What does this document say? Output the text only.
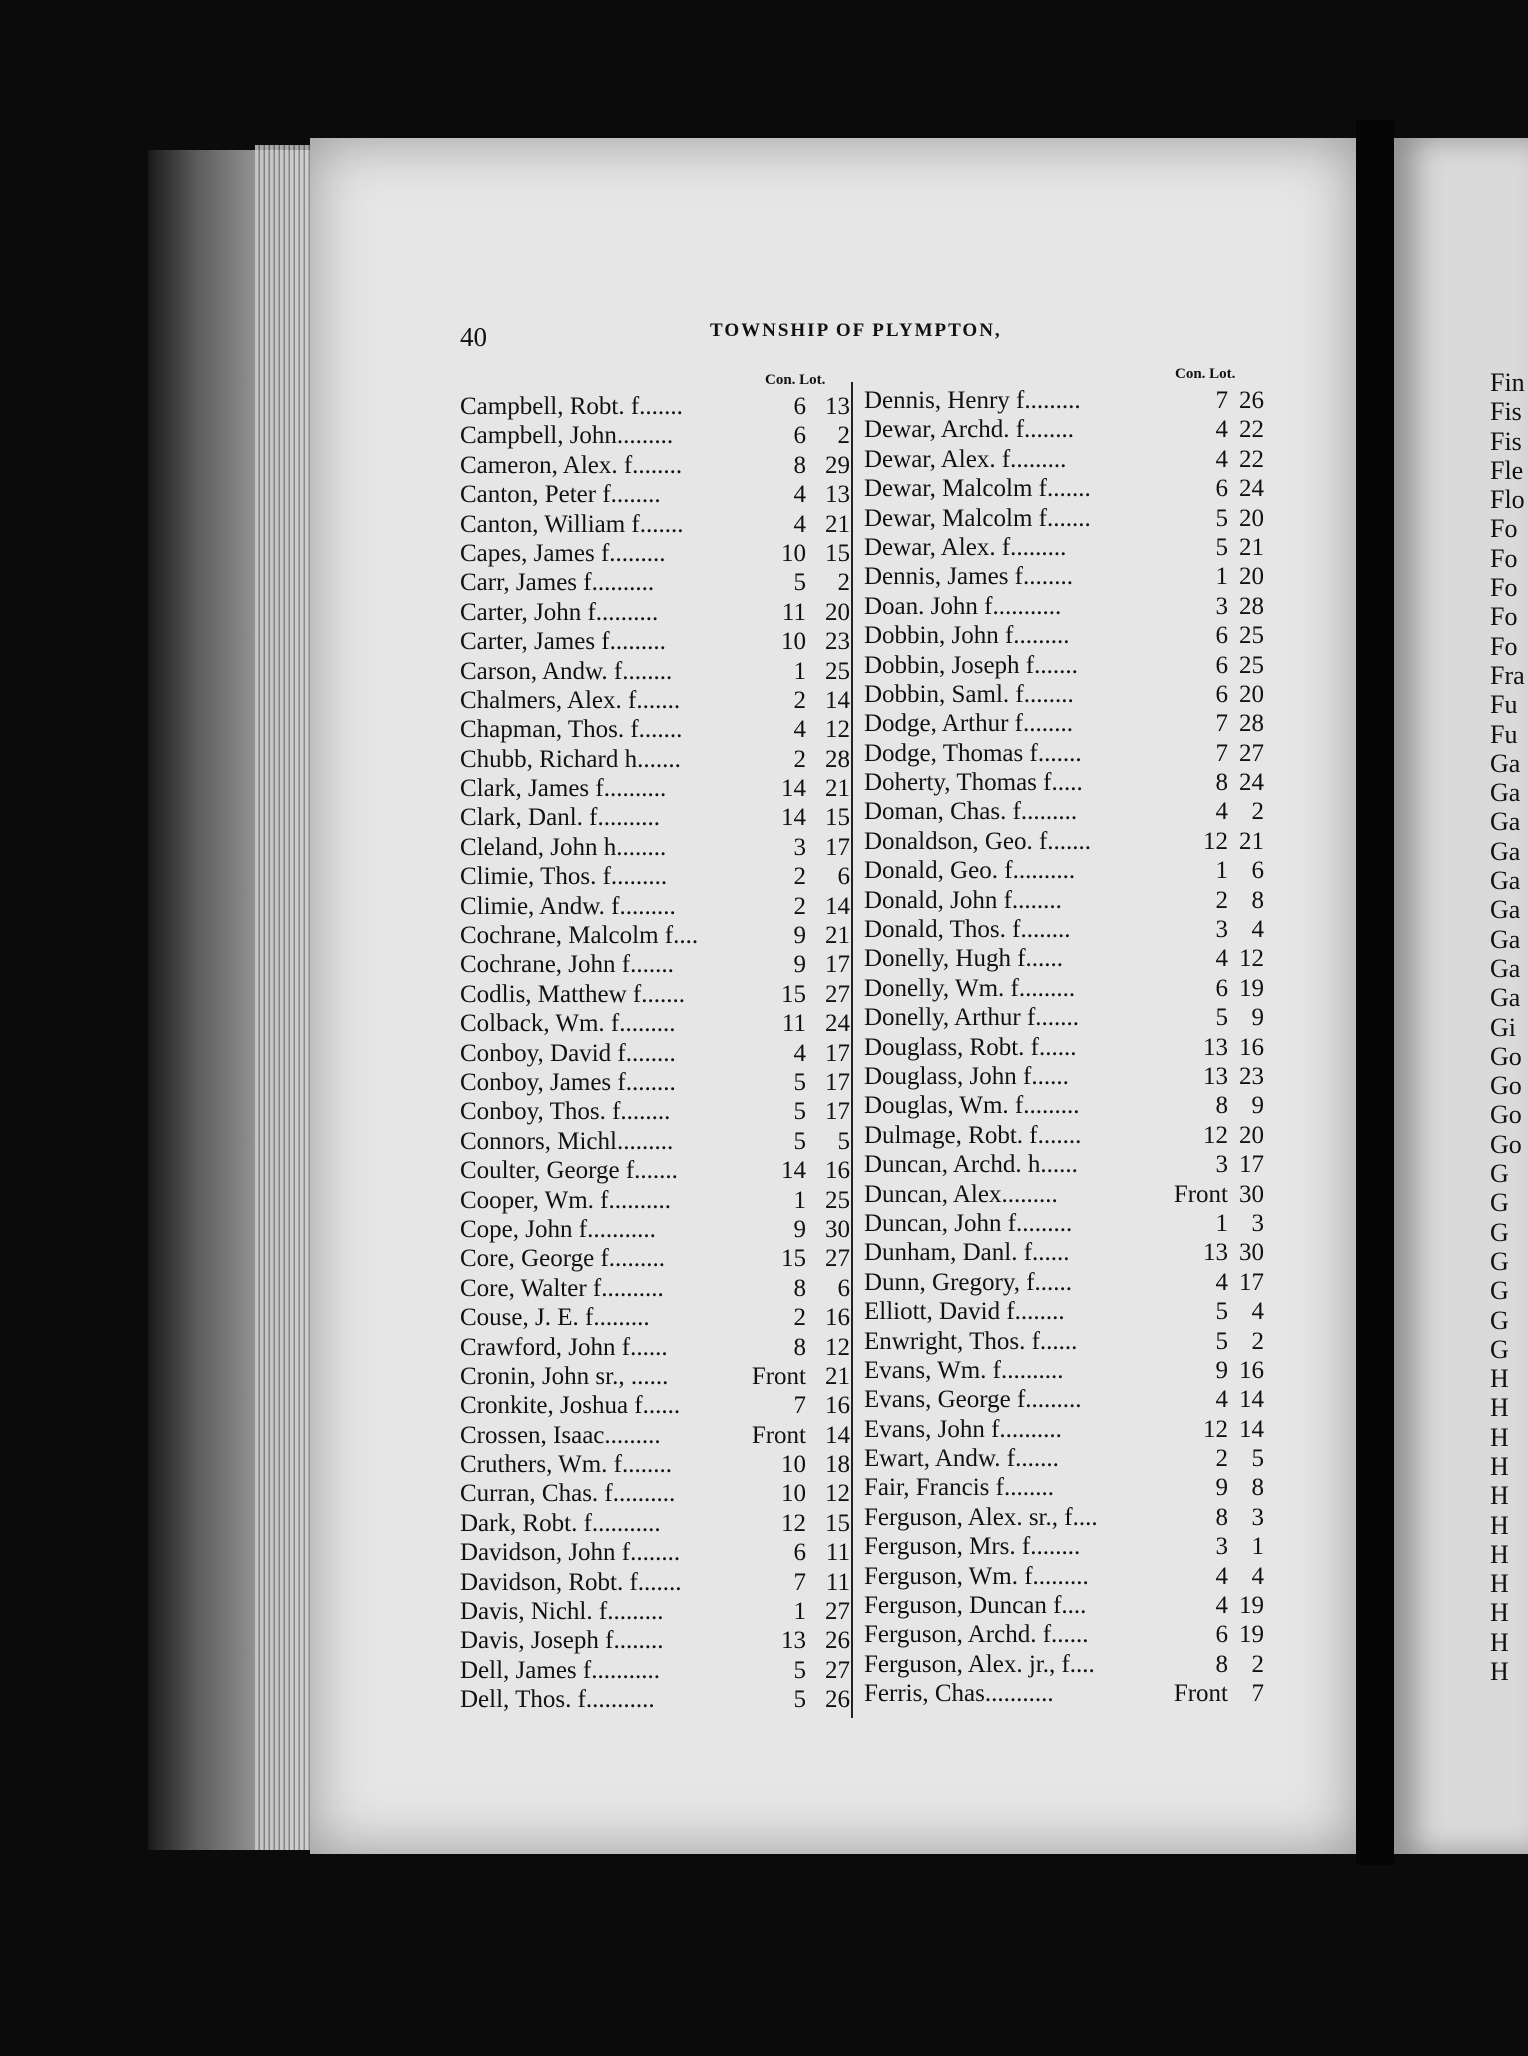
Fin
Fis
Fis
Fle
Flo
Fo
Fo
Fo
Fo
Fo
Fra
Fu
Fu
Ga
Ga
Ga
Ga
Ga
Ga
Ga
Ga
Ga
Gi
Go
Go
Go
Go
G
G
G
G
G
G
G
H
H
H
H
H
H
H
H
H
H
H
40	TOWNSHIP OF PLYMPTON,
Con. Lot.	Con. Lot.
Campbell, Robt. f.......	6 13
Campbell, John.........	6	2
Cameron, Alex. f........	8 29
Canton, Peter f........	4 13
Canton, William f.......	4 21
Capes, James f.........	10 15
Carr, James f..........	5	2
Carter, John f..........	11 20
Carter, James f.........	10 23
Carson, Andw. f........	1 25
Chalmers, Alex. f.......	2 14
Chapman, Thos. f.......	4 12
Chubb, Richard h.......	2 28
Clark, James f..........	14 21
Clark, Danl. f..........	14 15
Cleland, John h........	3 17
Climie, Thos. f.........	2	6
Climie, Andw. f.........	2 14
Cochrane, Malcolm f....	9 21
Cochrane, John f.......	9 17
Codlis, Matthew f.......	15 27
Colback, Wm. f.........	11 24
Conboy, David f........	4 17
Conboy, James f........	5 17
Conboy, Thos. f........	5 17
Connors, Michl.........	5	5
Coulter, George f.......	14 16
Cooper, Wm. f..........	1 25
Cope, John f...........	9 30
Core, George f.........	15 27
Core, Walter f..........	8	6
Couse, J. E. f.........	2 16
Crawford, John f......	8 12
Cronin, John sr., ......	Front 21
Cronkite, Joshua f......	7 16
Crossen, Isaac.........	Front 14
Cruthers, Wm. f........	10 18
Curran, Chas. f..........	10 12
Dark, Robt. f...........	12 15
Davidson, John f........	6 11
Davidson, Robt. f.......	7 11
Davis, Nichl. f.........	1 27
Davis, Joseph f........	13 26
Dell, James f...........	5 27
Dell, Thos. f...........	5 26
Dennis, Henry f.........	7 26
Dewar, Archd. f........	4 22
Dewar, Alex. f.........	4 22
Dewar, Malcolm f.......	6 24
Dewar, Malcolm f.......	5 20
Dewar, Alex. f.........	5 21
Dennis, James f........	1 20
Doan. John f...........	3 28
Dobbin, John f.........	6 25
Dobbin, Joseph f.......	6 25
Dobbin, Saml. f........	6 20
Dodge, Arthur f........	7 28
Dodge, Thomas f.......	7 27
Doherty, Thomas f.....	8 24
Doman, Chas. f.........	4 2
Donaldson, Geo. f.......	12 21
Donald, Geo. f..........	1 6
Donald, John f........	2 8
Donald, Thos. f........	3 4
Donelly, Hugh f......	4 12
Donelly, Wm. f.........	6 19
Donelly, Arthur f.......	5 9
Douglass, Robt. f......	13 16
Douglass, John f......	13 23
Douglas, Wm. f.........	8 9
Dulmage, Robt. f.......	12 20
Duncan, Archd. h......	3 17
Duncan, Alex.........	Front 30
Duncan, John f.........	1 3
Dunham, Danl. f......	13 30
Dunn, Gregory, f......	4 17
Elliott, David f........	5 4
Enwright, Thos. f......	5 2
Evans, Wm. f..........	9 16
Evans, George f.........	4 14
Evans, John f..........	12 14
Ewart, Andw. f.......	2 5
Fair, Francis f........	9 8
Ferguson, Alex. sr., f....	8 3
Ferguson, Mrs. f........	3 1
Ferguson, Wm. f.........	4 4
Ferguson, Duncan f....	4 19
Ferguson, Archd. f......	6 19
Ferguson, Alex. jr., f....	8 2
Ferris, Chas...........	Front 7
